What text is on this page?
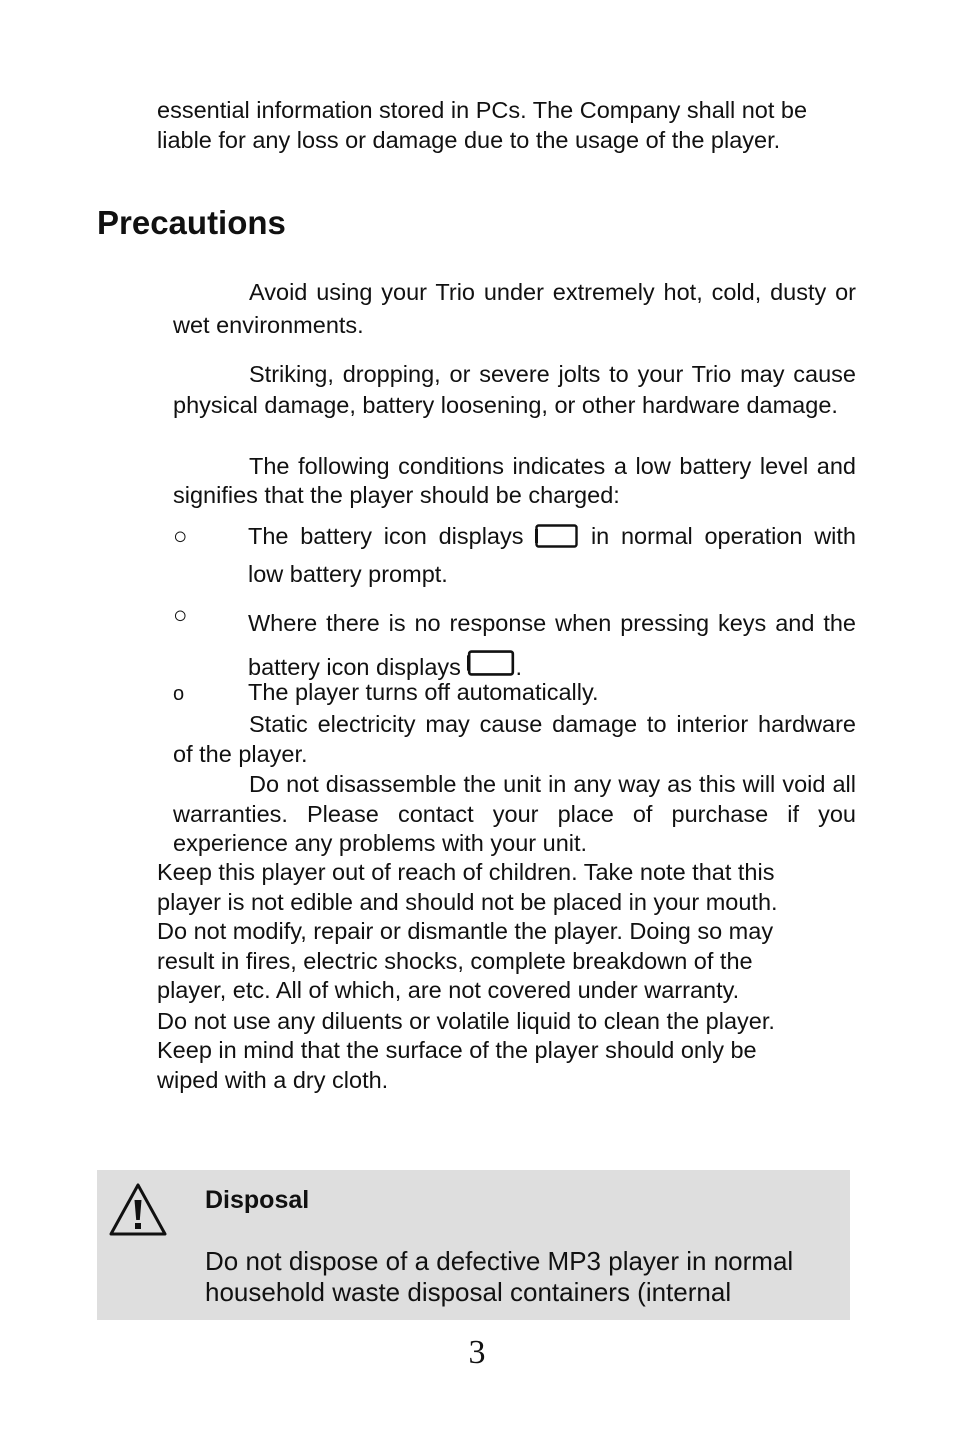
essential information stored in PCs. The Company shall not be
liable for any loss or damage due to the usage of the player.
Precautions
Avoid using your Trio under extremely hot, cold, dusty or wet environments.
Striking, dropping, or severe jolts to your Trio may cause physical damage, battery loosening, or other hardware damage.
The following conditions indicates a low battery level and signifies that the player should be charged:
○	The battery icon displays	in normal operation with low battery prompt.
○	Where there is no response when pressing keys and the battery icon displays .
o	The player turns off automatically.
Static electricity may cause damage to interior hardware of the player.
Do not disassemble the unit in any way as this will void all warranties. Please contact your place of purchase if you experience any problems with your unit.
Keep this player out of reach of children. Take note that this
player is not edible and should not be placed in your mouth.
Do not modify, repair or dismantle the player. Doing so may
result in fires, electric shocks, complete breakdown of the
player, etc. All of which, are not covered under warranty.
Do not use any diluents or volatile liquid to clean the player.
Keep in mind that the surface of the player should only be
wiped with a dry cloth.
Disposal
Do not dispose of a defective MP3 player in normal
household waste disposal containers (internal
3
